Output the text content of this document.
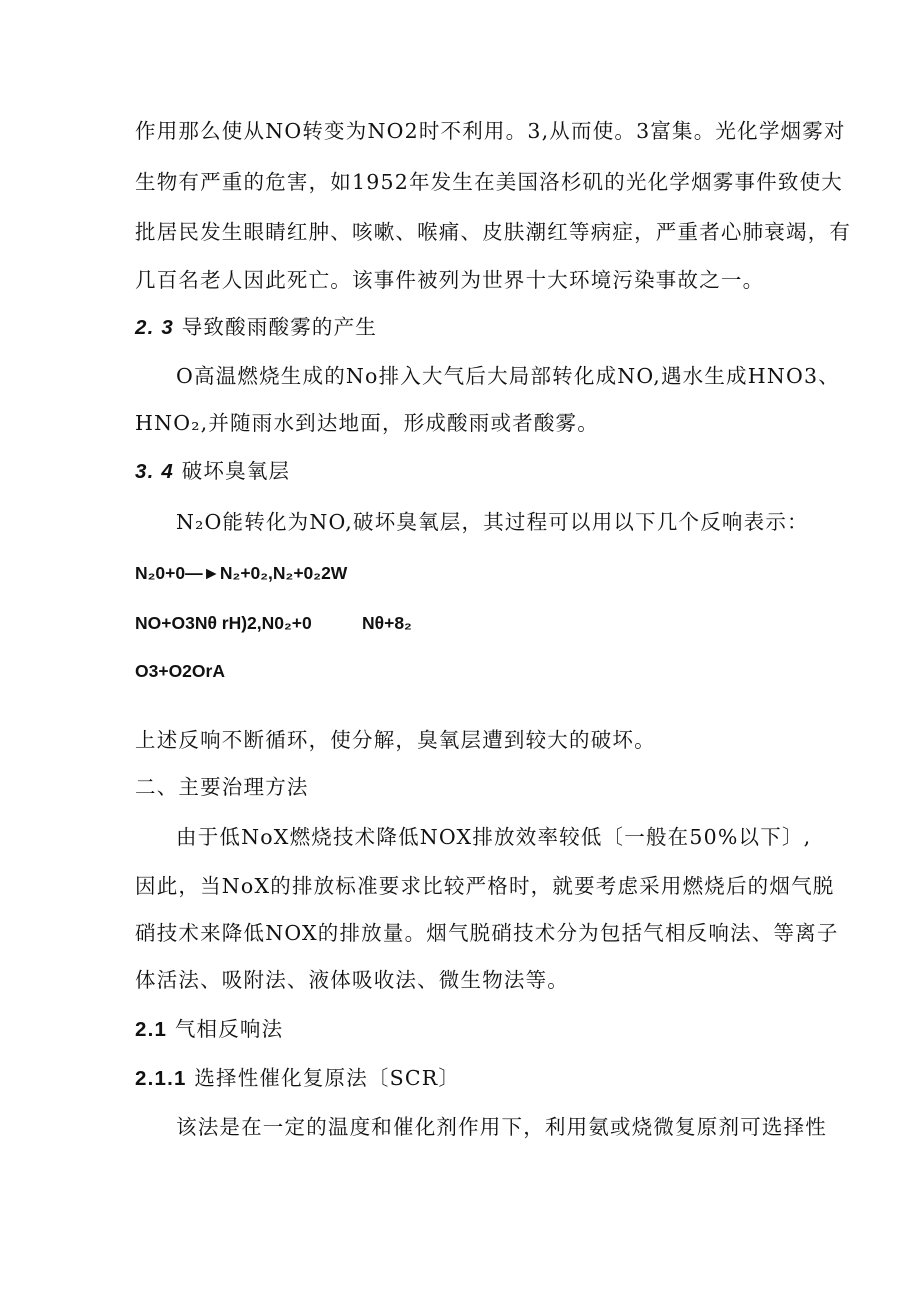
作用那么使从NO转变为NO2时不利用。3,从而使。3富集。光化学烟雾对
生物有严重的危害，如1952年发生在美国洛杉矶的光化学烟雾事件致使大
批居民发生眼睛红肿、咳嗽、喉痛、皮肤潮红等病症，严重者心肺衰竭，有
几百名老人因此死亡。该事件被列为世界十大环境污染事故之一。
2. 3 导致酸雨酸雾的产生
O高温燃烧生成的No排入大气后大局部转化成NO,遇水生成HNO3、
HNO₂,并随雨水到达地面，形成酸雨或者酸雾。
3. 4 破坏臭氧层
N₂O能转化为NO,破坏臭氧层，其过程可以用以下几个反响表示：
N₂0+0—►N₂+0₂,N₂+0₂2W
NO+O3Nθ rH)2,N0₂+0	Nθ+8₂
O3+O2OrA
上述反响不断循环，使分解，臭氧层遭到较大的破坏。
二、主要治理方法
由于低NoX燃烧技术降低NOX排放效率较低〔一般在50%以下〕,
因此，当NoX的排放标准要求比较严格时，就要考虑采用燃烧后的烟气脱
硝技术来降低NOX的排放量。烟气脱硝技术分为包括气相反响法、等离子
体活法、吸附法、液体吸收法、微生物法等。
2.1 气相反响法
2.1.1 选择性催化复原法〔SCR〕
该法是在一定的温度和催化剂作用下，利用氨或烧微复原剂可选择性
